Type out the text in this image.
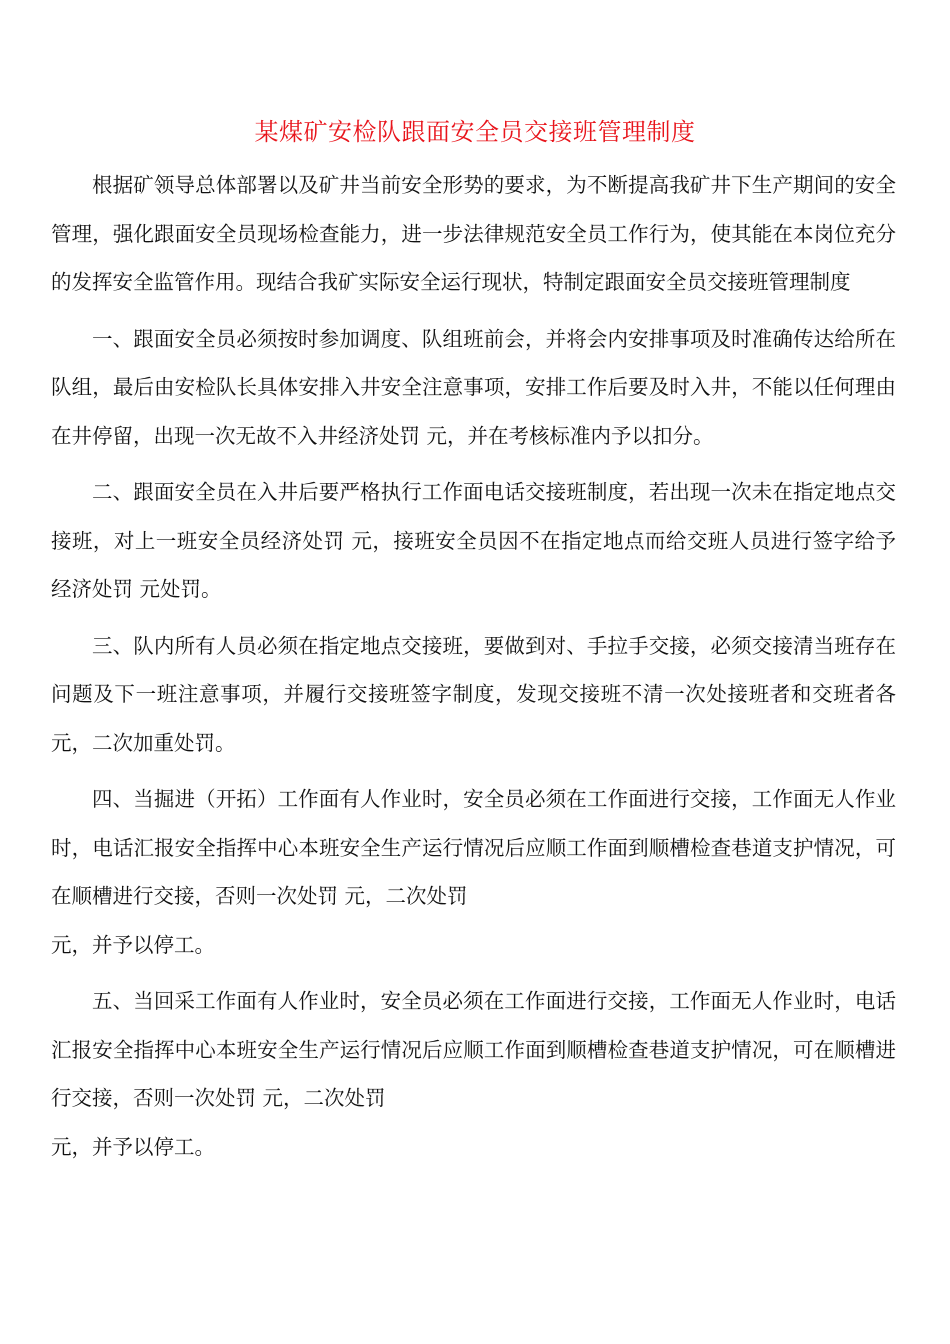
某煤矿安检队跟面安全员交接班管理制度

根据矿领导总体部署以及矿井当前安全形势的要求，为不断提高我矿井下生产期间的安全管理，强化跟面安全员现场检查能力，进一步法律规范安全员工作行为，使其能在本岗位充分的发挥安全监管作用。现结合我矿实际安全运行现状，特制定跟面安全员交接班管理制度

一、跟面安全员必须按时参加调度、队组班前会，并将会内安排事项及时准确传达给所在队组，最后由安检队长具体安排入井安全注意事项，安排工作后要及时入井，不能以任何理由在井停留，出现一次无故不入井经济处罚 元，并在考核标准内予以扣分。

二、跟面安全员在入井后要严格执行工作面电话交接班制度，若出现一次未在指定地点交接班，对上一班安全员经济处罚 元，接班安全员因不在指定地点而给交班人员进行签字给予经济处罚 元处罚。

三、队内所有人员必须在指定地点交接班，要做到对、手拉手交接，必须交接清当班存在问题及下一班注意事项，并履行交接班签字制度，发现交接班不清一次处接班者和交班者各 元，二次加重处罚。

四、当掘进（开拓）工作面有人作业时，安全员必须在工作面进行交接，工作面无人作业时，电话汇报安全指挥中心本班安全生产运行情况后应顺工作面到顺槽检查巷道支护情况，可在顺槽进行交接，否则一次处罚 元，二次处罚
元，并予以停工。

五、当回采工作面有人作业时，安全员必须在工作面进行交接，工作面无人作业时，电话汇报安全指挥中心本班安全生产运行情况后应顺工作面到顺槽检查巷道支护情况，可在顺槽进行交接，否则一次处罚 元，二次处罚
元，并予以停工。
